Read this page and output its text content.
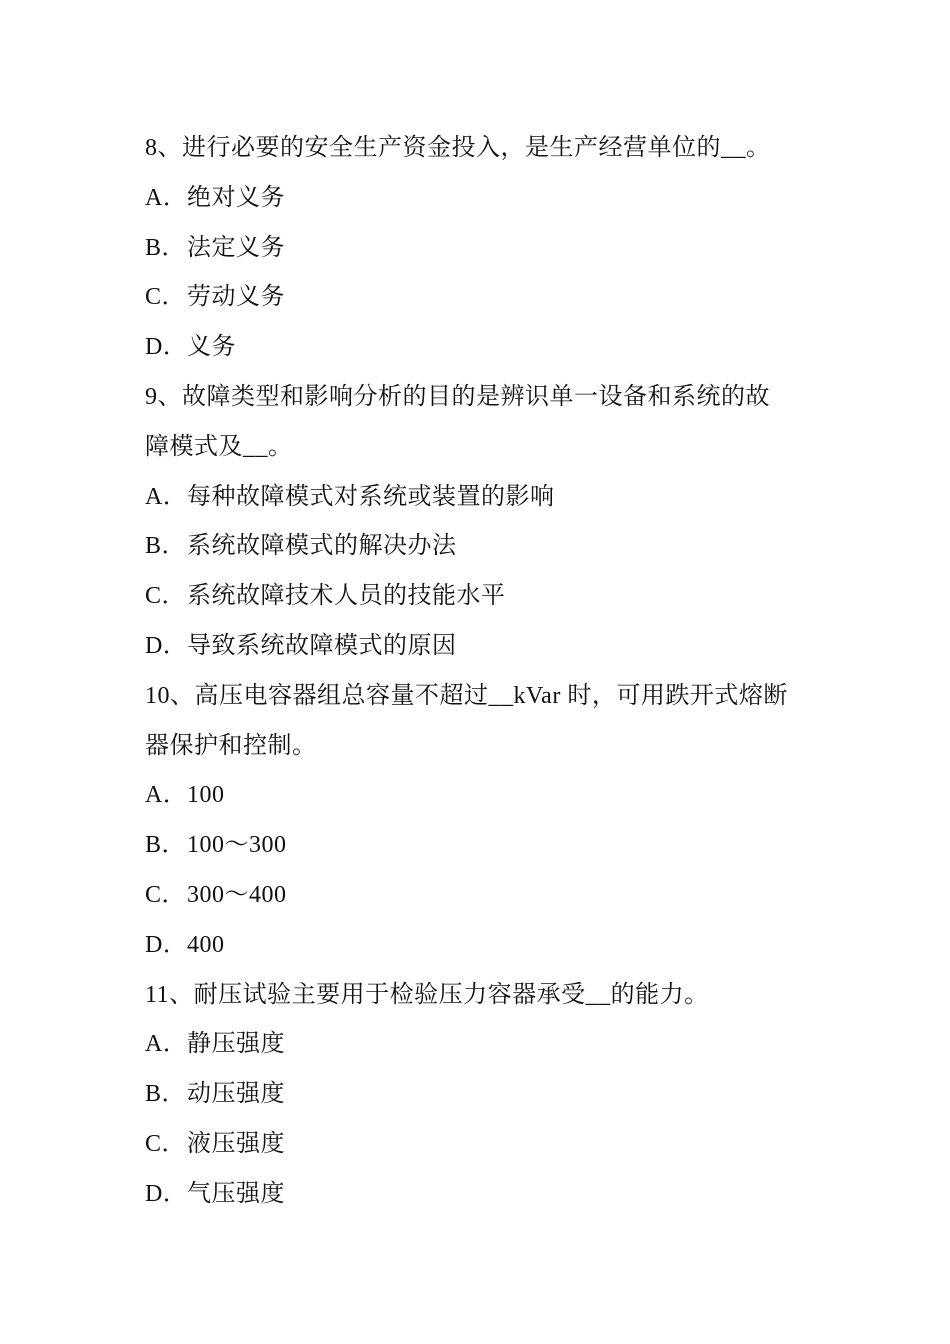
8、进行必要的安全生产资金投入，是生产经营单位的__。
A．绝对义务
B．法定义务
C．劳动义务
D．义务
9、故障类型和影响分析的目的是辨识单一设备和系统的故
障模式及__。
A．每种故障模式对系统或装置的影响
B．系统故障模式的解决办法
C．系统故障技术人员的技能水平
D．导致系统故障模式的原因
10、高压电容器组总容量不超过__kVar 时，可用跌开式熔断
器保护和控制。
A．100
B．100～300
C．300～400
D．400
11、耐压试验主要用于检验压力容器承受__的能力。
A．静压强度
B．动压强度
C．液压强度
D．气压强度
